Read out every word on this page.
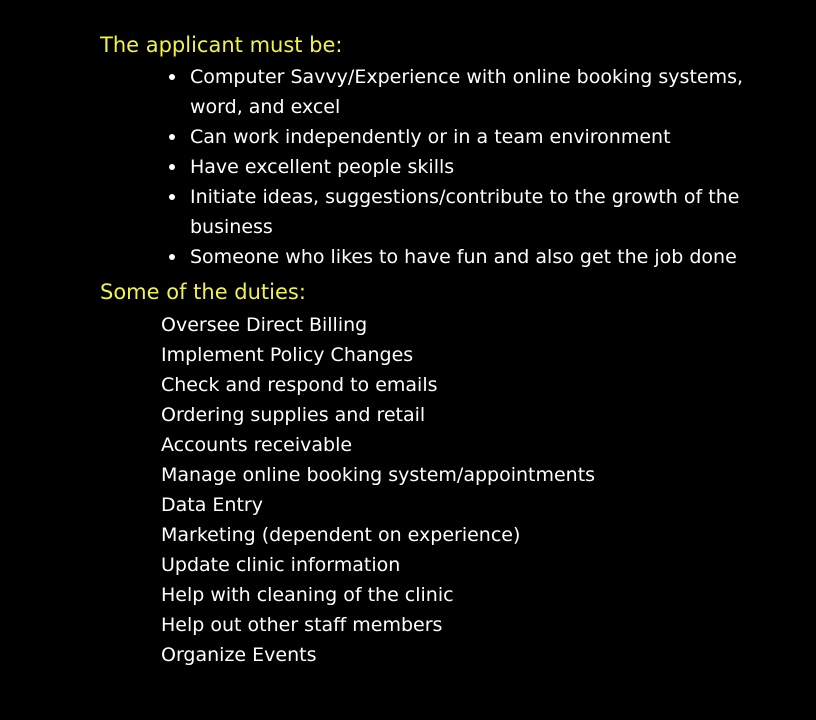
The applicant must be:
Computer Savvy/Experience with online booking systems, word, and excel
Can work independently or in a team environment
Have excellent people skills
Initiate ideas, suggestions/contribute to the growth of the business
Someone who likes to have fun and also get the job done
Some of the duties:
Oversee Direct Billing
Implement Policy Changes
Check and respond to emails
Ordering supplies and retail
Accounts receivable
Manage online booking system/appointments
Data Entry
Marketing (dependent on experience)
Update clinic information
Help with cleaning of the clinic
Help out other staff members
Organize Events
